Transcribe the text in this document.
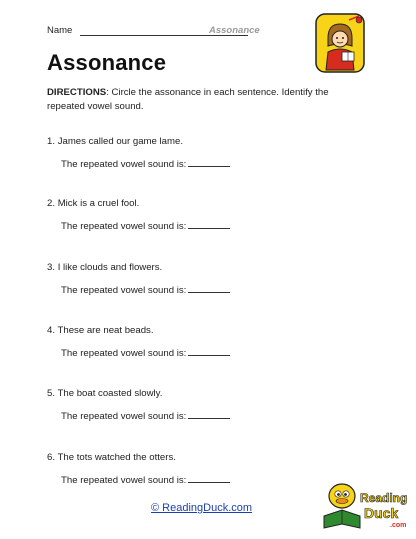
Name	Assonance
Assonance
DIRECTIONS: Circle the assonance in each sentence. Identify the repeated vowel sound.
1. James called our game lame.
The repeated vowel sound is:
2. Mick is a cruel fool.
The repeated vowel sound is:
3. I like clouds and flowers.
The repeated vowel sound is:
4. These are neat beads.
The repeated vowel sound is:
5. The boat coasted slowly.
The repeated vowel sound is:
6. The tots watched the otters.
The repeated vowel sound is:
© ReadingDuck.com
Reading
Duck
.com
